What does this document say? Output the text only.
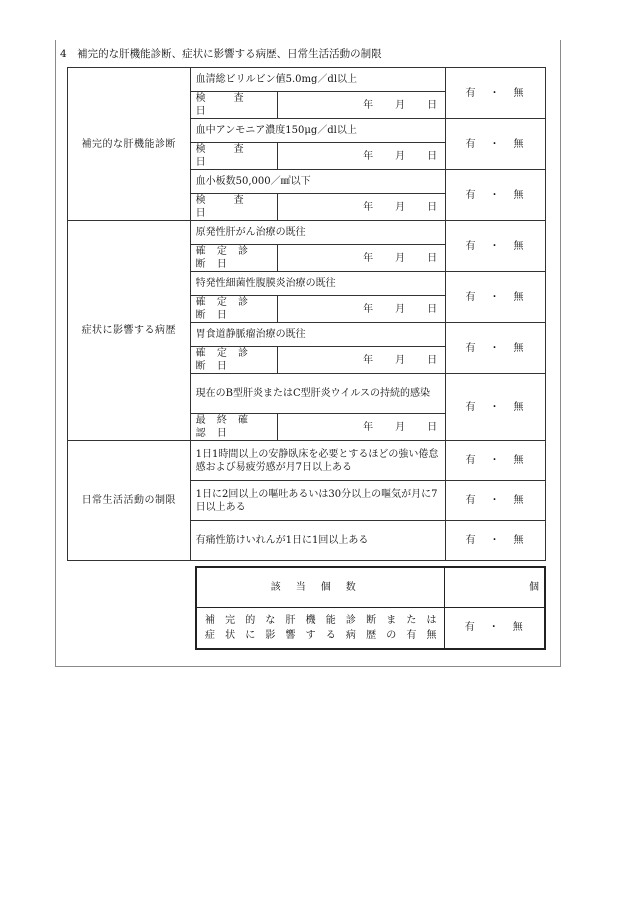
4　補完的な肝機能診断、症状に影響する病歴、日常生活活動の制限
補完的な肝機能診断	血清総ビリルビン値5.0mg／dl以上		有　・　無
	検　査　日	年 月 日	
	血中アンモニア濃度150μg／dl以上		有　・　無
	検　査　日	年 月 日	
	血小板数50,000／㎣以下		有　・　無
	検　査　日	年 月 日	
症状に影響する病歴	原発性肝がん治療の既往		有　・　無
	確 定 診 断 日	年 月 日	
	特発性細菌性腹膜炎治療の既往		有　・　無
	確 定 診 断 日	年 月 日	
	胃食道静脈瘤治療の既往		有　・　無
	確 定 診 断 日	年 月 日	
	現在のB型肝炎またはC型肝炎ウイルスの持続的感染		有　・　無
	最 終 確 認 日	年 月 日	
日常生活活動の制限	1日1時間以上の安静臥床を必要とするほどの強い倦怠感および易疲労感が月7日以上ある		有　・　無
	1日に2回以上の嘔吐あるいは30分以上の嘔気が月に7日以上ある		有　・　無
	有痛性筋けいれんが1日に1回以上ある		有　・　無
該当個数	個

補完的な肝機能診断または
症状に影響する病歴の有無	有　・　無
